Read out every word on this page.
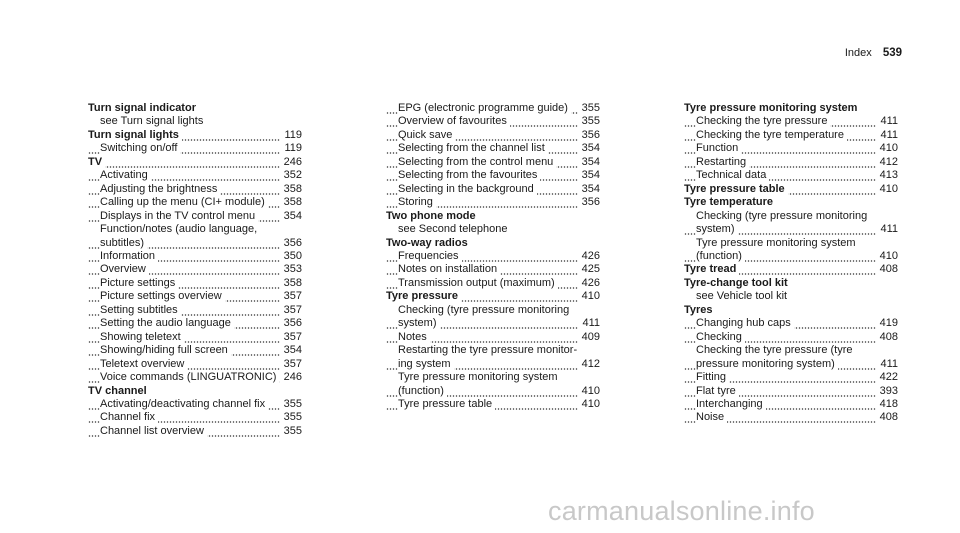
Index 539
Turn signal indicator
see Turn signal lights
Turn signal lights	119
Switching on/off	119
TV	246
Activating	352
Adjusting the brightness	358
Calling up the menu (CI+ module)	358
Displays in the TV control menu	354
Function/notes (audio language,
subtitles)	356
Information	350
Overview	353
Picture settings	358
Picture settings overview	357
Setting subtitles	357
Setting the audio language	356
Showing teletext	357
Showing/hiding full screen	354
Teletext overview	357
Voice commands (LINGUATRONIC) 246
TV channel
Activating/deactivating channel fix	355
Channel fix	355
Channel list overview	355
EPG (electronic programme guide)	355
Overview of favourites	355
Quick save	356
Selecting from the channel list	354
Selecting from the control menu	354
Selecting from the favourites	354
Selecting in the background	354
Storing	356
Two phone mode
see Second telephone
Two-way radios
Frequencies	426
Notes on installation	425
Transmission output (maximum)	426
Tyre pressure	410
Checking (tyre pressure monitoring
system)	411
Notes	409
Restarting the tyre pressure monitor-
ing system	412
Tyre pressure monitoring system
(function)	410
Tyre pressure table	410
Tyre pressure monitoring system
Checking the tyre pressure	411
Checking the tyre temperature	411
Function	410
Restarting	412
Technical data	413
Tyre pressure table	410
Tyre temperature
Checking (tyre pressure monitoring
system)	411
Tyre pressure monitoring system
(function)	410
Tyre tread	408
Tyre-change tool kit
see Vehicle tool kit
Tyres
Changing hub caps	419
Checking	408
Checking the tyre pressure (tyre
pressure monitoring system)	411
Fitting	422
Flat tyre	393
Interchanging	418
Noise	408
carmanualsonline.info
